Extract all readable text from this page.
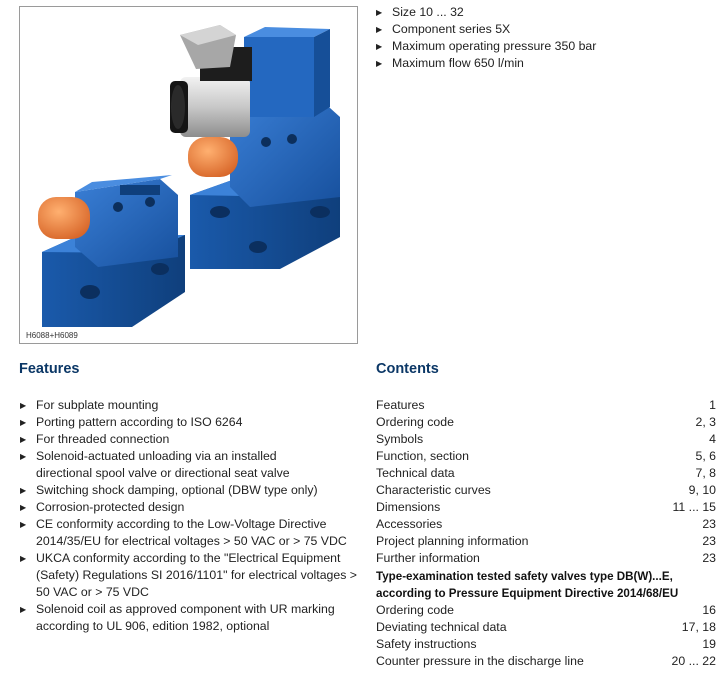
▶ Size 10 ... 32
▶ Component series 5X
▶ Maximum operating pressure 350 bar
▶ Maximum flow 650 l/min
H6088+H6089
Features
▶ For subplate mounting
▶ Porting pattern according to ISO 6264
▶ For threaded connection
▶ Solenoid-actuated unloading via an installed directional spool valve or directional seat valve
▶ Switching shock damping, optional (DBW type only)
▶ Corrosion-protected design
▶ CE conformity according to the Low-Voltage Directive 2014/35/EU for electrical voltages > 50 VAC or > 75 VDC
▶ UKCA conformity according to the "Electrical Equipment (Safety) Regulations SI 2016/1101" for electrical voltages > 50 VAC or > 75 VDC
▶ Solenoid coil as approved component with UR marking according to UL 906, edition 1982, optional
Contents
Features	1
Ordering code	2, 3
Symbols	4
Function, section	5, 6
Technical data	7, 8
Characteristic curves	9, 10
Dimensions	11 ... 15
Accessories	23
Project planning information	23
Further information	23
Type-examination tested safety valves type DB(W)...E, according to Pressure Equipment Directive 2014/68/EU
Ordering code	16
Deviating technical data	17, 18
Safety instructions	19
Counter pressure in the discharge line	20 ... 22
